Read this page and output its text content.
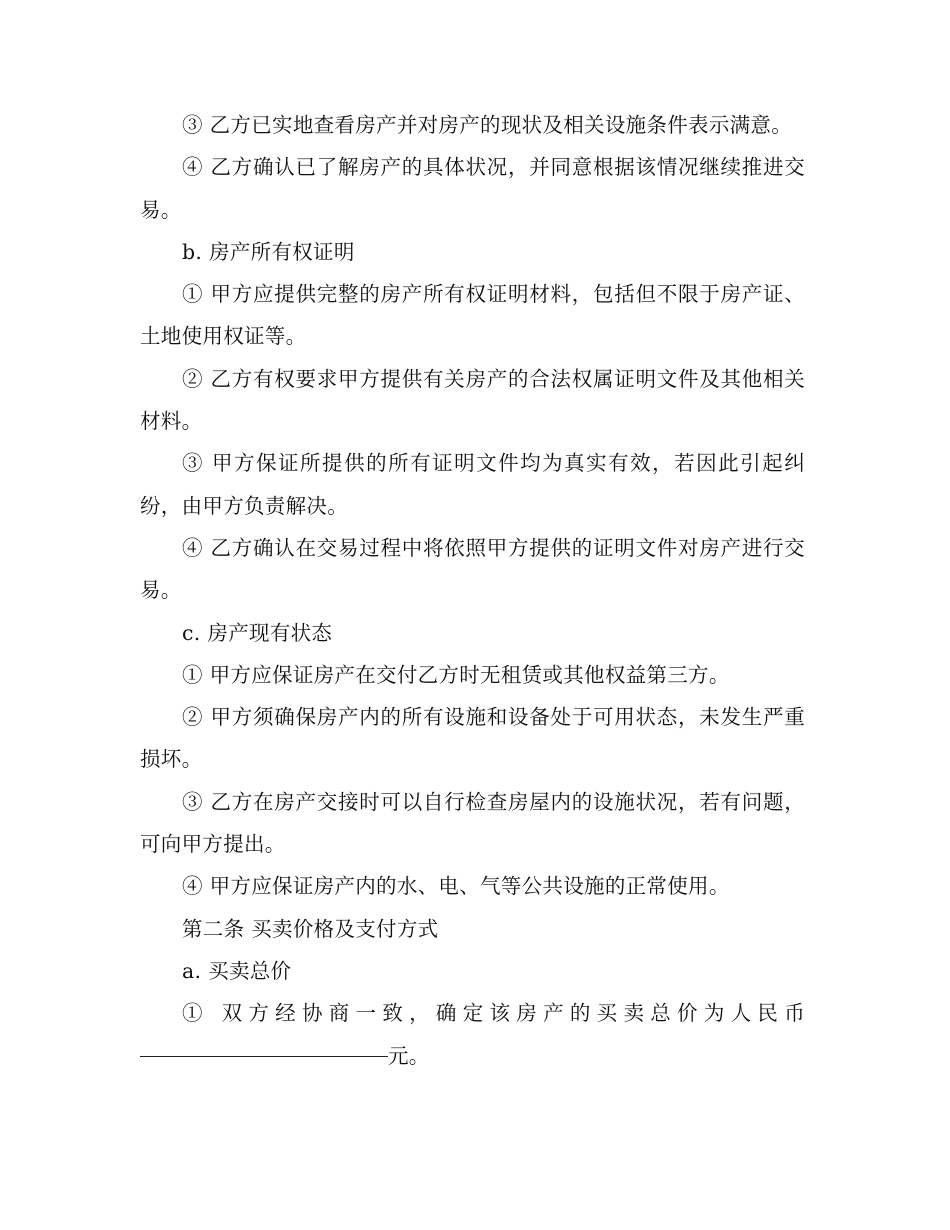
③ 乙方已实地查看房产并对房产的现状及相关设施条件表示满意。

④ 乙方确认已了解房产的具体状况，并同意根据该情况继续推进交易。

b. 房产所有权证明

① 甲方应提供完整的房产所有权证明材料，包括但不限于房产证、土地使用权证等。

② 乙方有权要求甲方提供有关房产的合法权属证明文件及其他相关材料。

③ 甲方保证所提供的所有证明文件均为真实有效，若因此引起纠纷，由甲方负责解决。

④ 乙方确认在交易过程中将依照甲方提供的证明文件对房产进行交易。

c. 房产现有状态

① 甲方应保证房产在交付乙方时无租赁或其他权益第三方。

② 甲方须确保房产内的所有设施和设备处于可用状态，未发生严重损坏。

③ 乙方在房产交接时可以自行检查房屋内的设施状况，若有问题，可向甲方提出。

④ 甲方应保证房产内的水、电、气等公共设施的正常使用。

第二条 买卖价格及支付方式

a. 买卖总价

① 双方经协商一致，确定该房产的买卖总价为人民币元。
